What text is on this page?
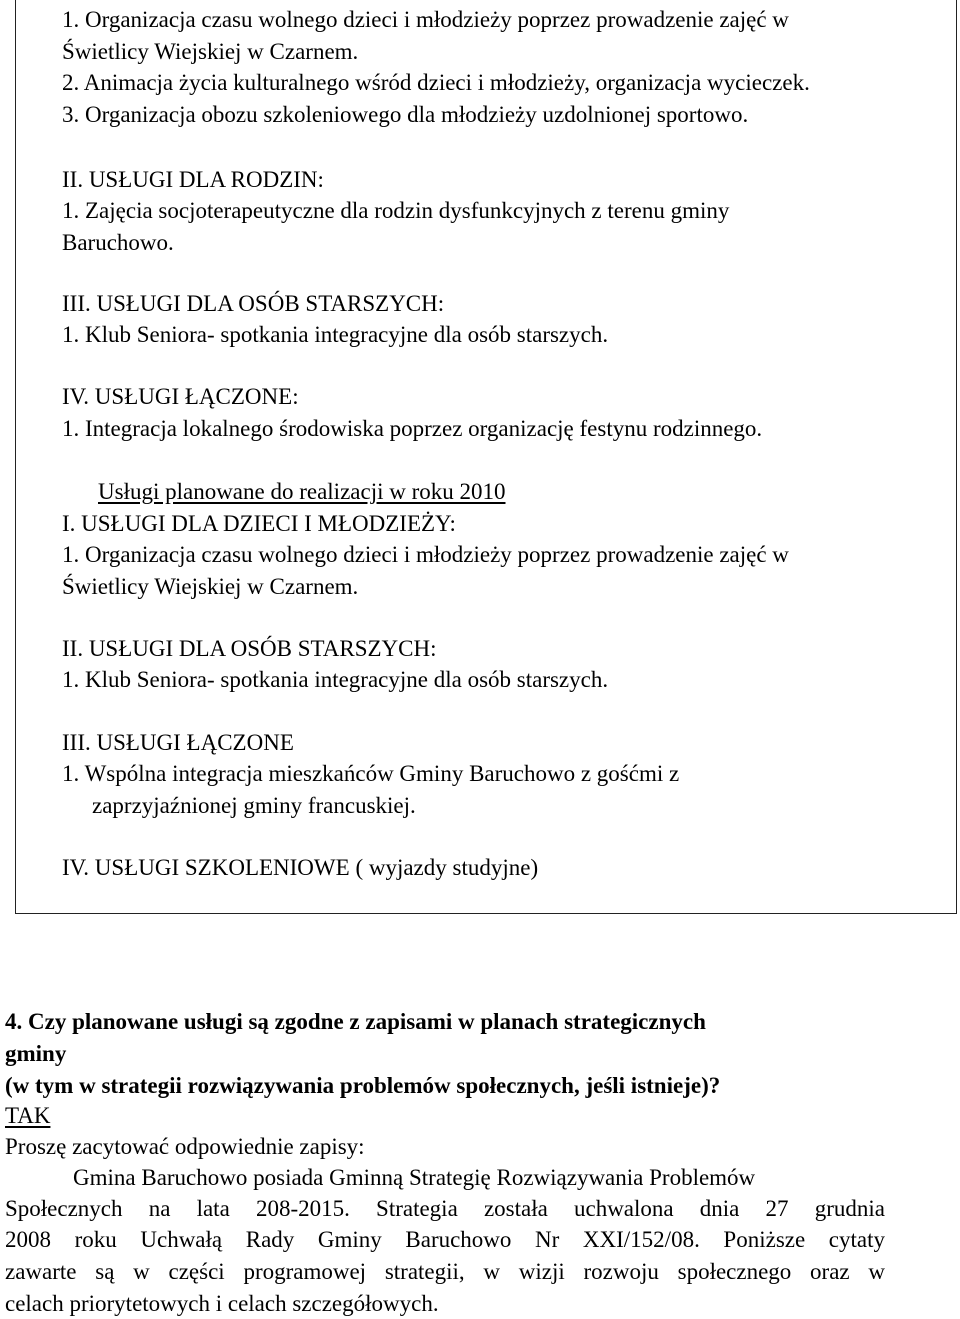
1. Organizacja czasu wolnego dzieci i młodzieży poprzez prowadzenie zajęć w
Świetlicy Wiejskiej w Czarnem.
2. Animacja życia kulturalnego wśród dzieci i młodzieży, organizacja wycieczek.
3. Organizacja obozu szkoleniowego dla młodzieży uzdolnionej sportowo.
II. USŁUGI DLA RODZIN:
1. Zajęcia socjoterapeutyczne dla rodzin dysfunkcyjnych z terenu gminy
Baruchowo.
III. USŁUGI DLA OSÓB STARSZYCH:
1. Klub Seniora- spotkania integracyjne dla osób starszych.
IV. USŁUGI ŁĄCZONE:
1. Integracja lokalnego środowiska poprzez organizację festynu rodzinnego.
Usługi planowane do realizacji w roku 2010
I. USŁUGI DLA DZIECI I MŁODZIEŻY:
1. Organizacja czasu wolnego dzieci i młodzieży poprzez prowadzenie zajęć w
Świetlicy Wiejskiej w Czarnem.
II. USŁUGI DLA OSÓB STARSZYCH:
1. Klub Seniora- spotkania integracyjne dla osób starszych.
III. USŁUGI ŁĄCZONE
1. Wspólna integracja mieszkańców Gminy Baruchowo z gośćmi z
zaprzyjaźnionej gminy francuskiej.
IV. USŁUGI SZKOLENIOWE ( wyjazdy studyjne)
4. Czy planowane usługi są zgodne z zapisami w planach strategicznych
gminy
(w tym w strategii rozwiązywania problemów społecznych, jeśli istnieje)?
TAK
Proszę zacytować odpowiednie zapisy:
Gmina Baruchowo posiada Gminną Strategię Rozwiązywania Problemów
Społecznych na lata 208-2015. Strategia została uchwalona dnia 27 grudnia
2008 roku Uchwałą Rady Gminy Baruchowo Nr XXI/152/08. Poniższe cytaty
zawarte są w części programowej strategii, w wizji rozwoju społecznego oraz w
celach priorytetowych i celach szczegółowych.
